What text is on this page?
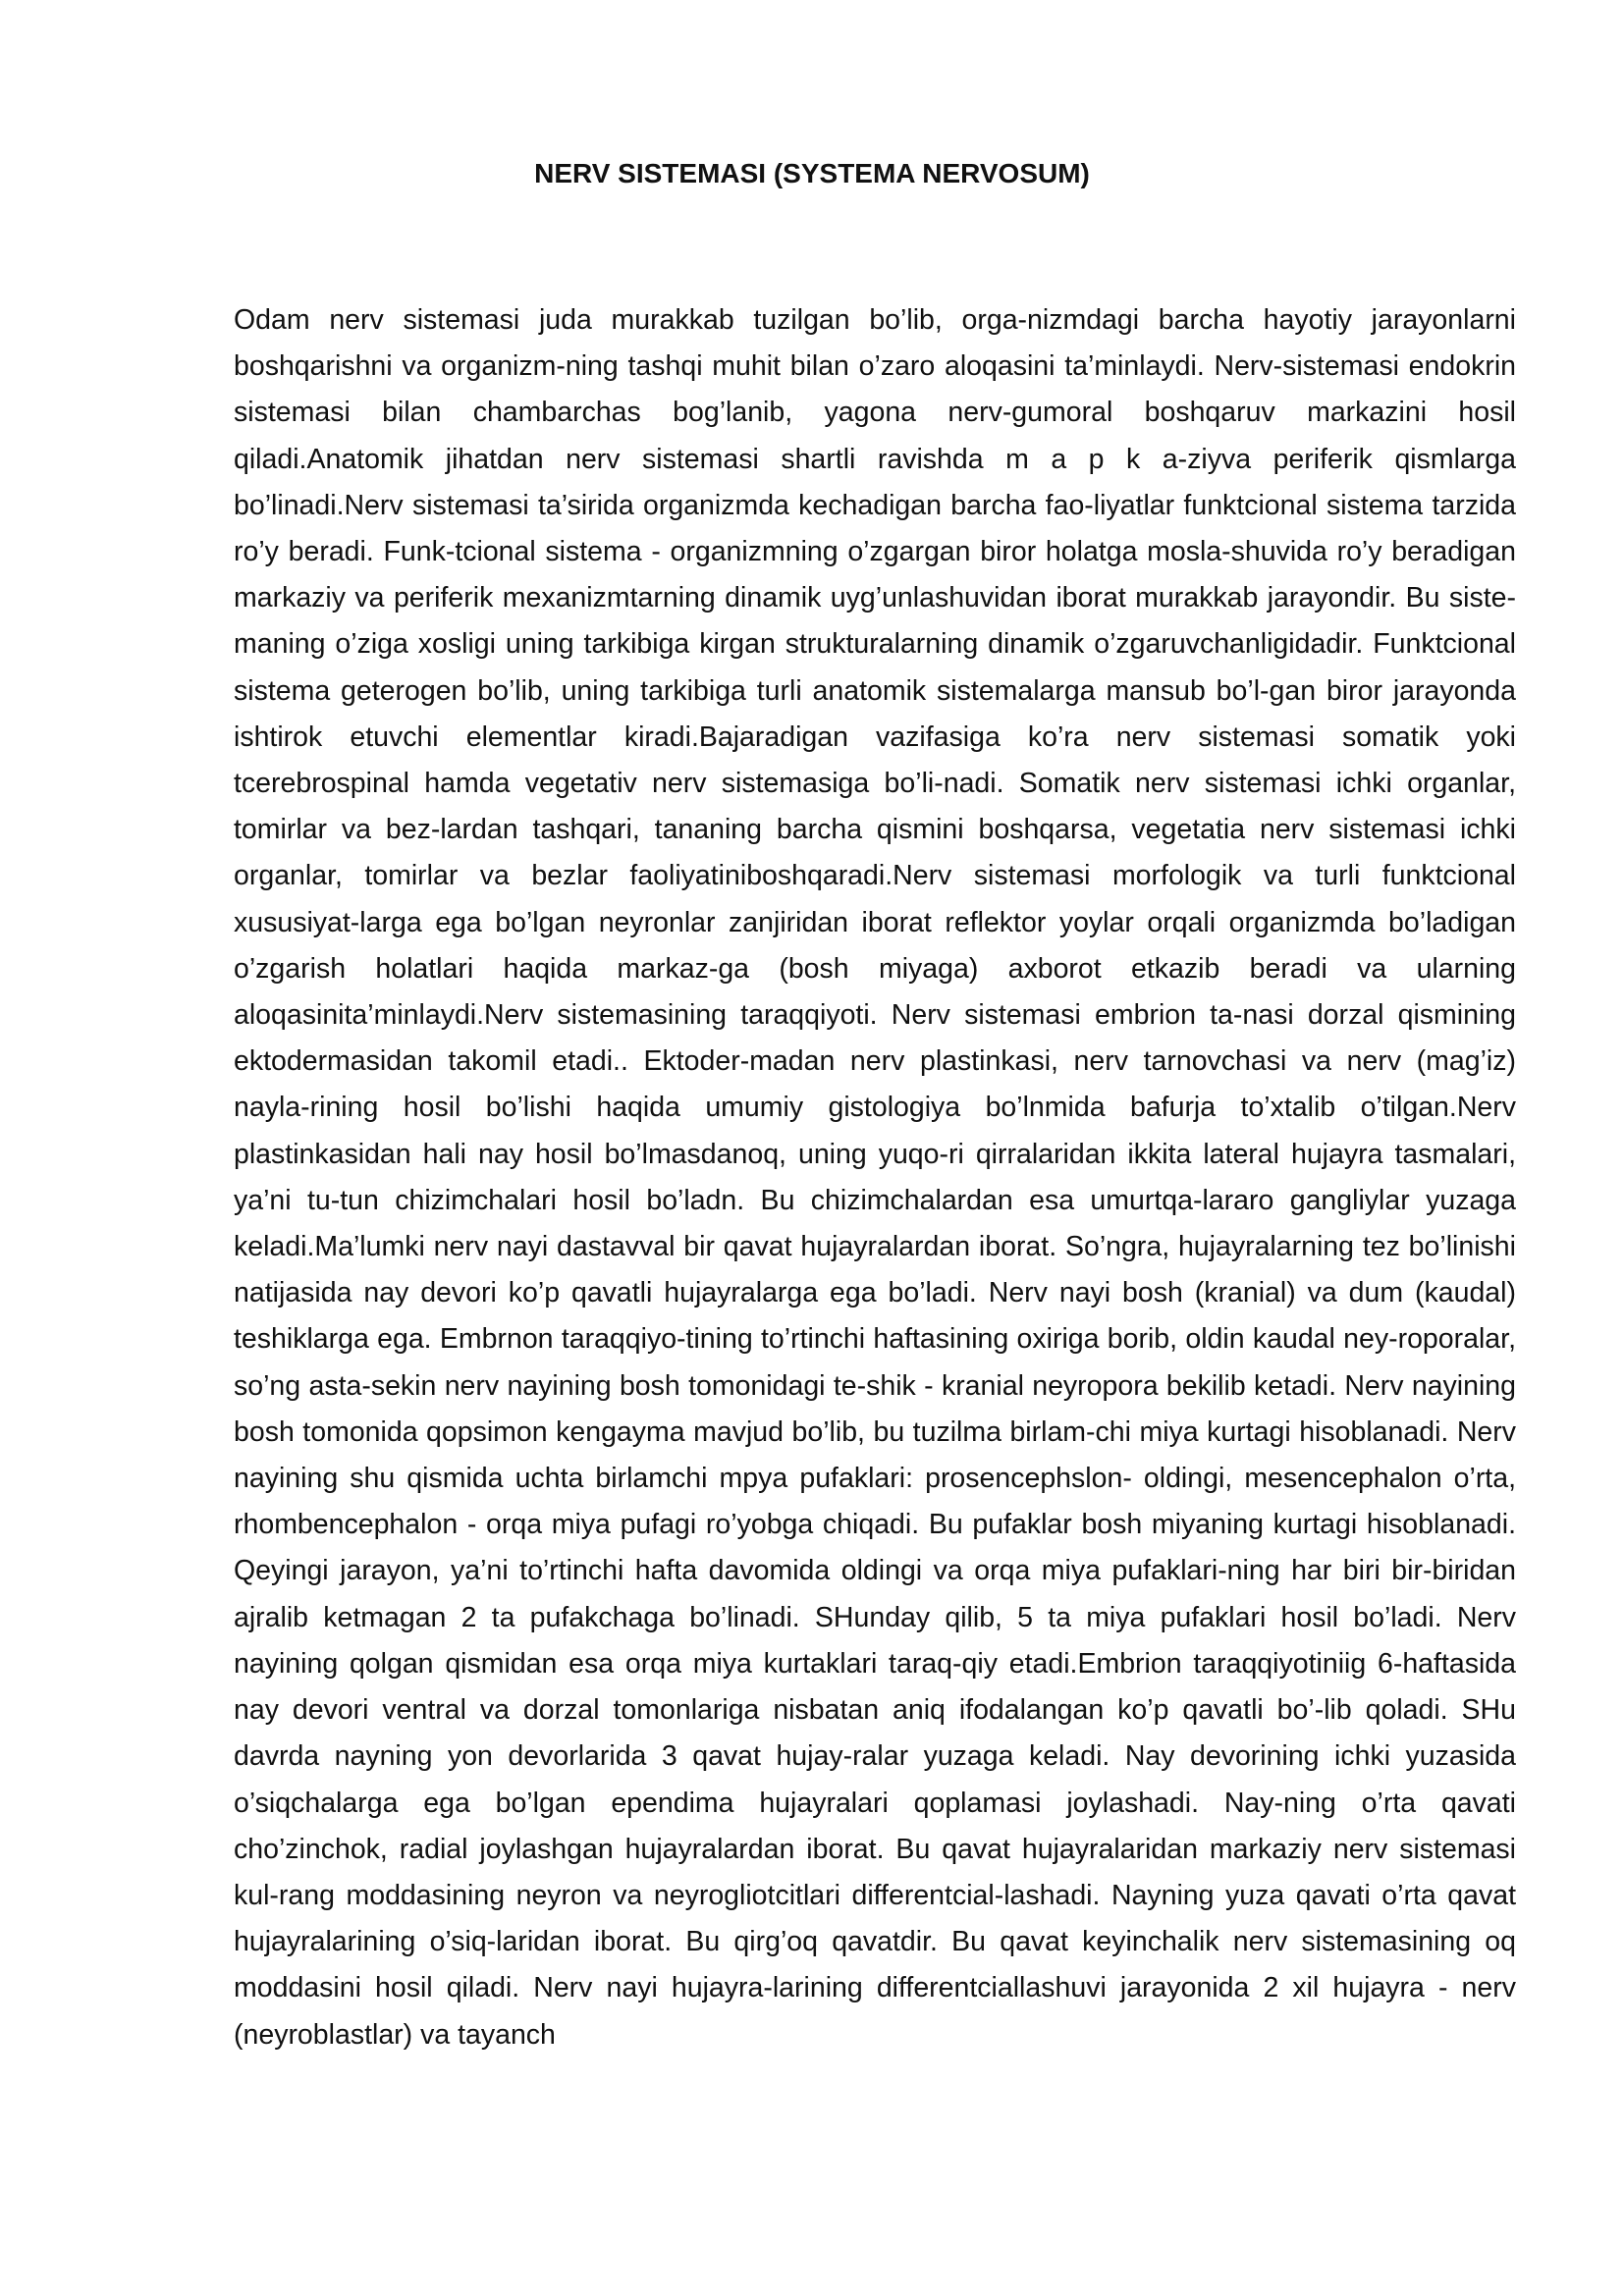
NERV SISTEMASI (SYSTEMA NERVOSUM)

Odam nerv sistemasi juda murakkab tuzilgan bo’lib, orga-nizmdagi barcha hayotiy jarayonlarni boshqarishni va organizm-ning tashqi muhit bilan o’zaro aloqasini ta’minlaydi. Nerv-sistemasi endokrin sistemasi bilan chambarchas bog’lanib, yagona nerv-gumoral boshqaruv markazini hosil qiladi.Anatomik jihatdan nerv sistemasi shartli ravishda m a p k a-ziyva periferik qismlarga bo’linadi.Nerv sistemasi ta’sirida organizmda kechadigan barcha fao-liyatlar funktcional sistema tarzida ro’y beradi. Funk-tcional sistema - organizmning o’zgargan biror holatga mosla-shuvida ro’y beradigan markaziy va periferik mexanizmtarning dinamik uyg’unlashuvidan iborat murakkab jarayondir. Bu siste-maning o’ziga xosligi uning tarkibiga kirgan strukturalarning dinamik o’zgaruvchanligidadir. Funktcional sistema geterogen bo’lib, uning tarkibiga turli anatomik sistemalarga mansub bo’l-gan biror jarayonda ishtirok etuvchi elementlar kiradi.Bajaradigan vazifasiga ko’ra nerv sistemasi somatik yoki tcerebrospinal hamda vegetativ nerv sistemasiga bo’li-nadi. Somatik nerv sistemasi ichki organlar, tomirlar va bez-lardan tashqari, tananing barcha qismini boshqarsa, vegetatia nerv sistemasi ichki organlar, tomirlar va bezlar faoliyatiniboshqaradi.Nerv sistemasi morfologik va turli funktcional xususiyat-larga ega bo’lgan neyronlar zanjiridan iborat reflektor yoylar orqali organizmda bo’ladigan o’zgarish holatlari haqida markaz-ga (bosh miyaga) axborot etkazib beradi va ularning aloqasinita’minlaydi.Nerv sistemasining taraqqiyoti. Nerv sistemasi embrion ta-nasi dorzal qismining ektodermasidan takomil etadi.. Ektoder-madan nerv plastinkasi, nerv tarnovchasi va nerv (mag’iz) nayla-rining hosil bo’lishi haqida umumiy gistologiya bo’lnmida bafurja to’xtalib o’tilgan.Nerv plastinkasidan hali nay hosil bo’lmasdanoq, uning yuqo-ri qirralaridan ikkita lateral hujayra tasmalari, ya’ni tu-tun chizimchalari hosil bo’ladn. Bu chizimchalardan esa umurtqa-lararo gangliylar yuzaga keladi.Ma’lumki nerv nayi dastavval bir qavat hujayralardan iborat. So’ngra, hujayralarning tez bo’linishi natijasida nay devori ko’p qavatli hujayralarga ega bo’ladi. Nerv nayi bosh (kranial) va dum (kaudal) teshiklarga ega. Embrnon taraqqiyo-tining to’rtinchi haftasining oxiriga borib, oldin kaudal ney-roporalar, so’ng asta-sekin nerv nayining bosh tomonidagi te-shik - kranial neyropora bekilib ketadi. Nerv nayining bosh tomonida qopsimon kengayma mavjud bo’lib, bu tuzilma birlam-chi miya kurtagi hisoblanadi. Nerv nayining shu qismida uchta birlamchi mpya pufaklari: prosencephslon- oldingi, mesencephalon o’rta, rhombencephalon - orqa miya pufagi ro’yobga chiqadi. Bu pufaklar bosh miyaning kurtagi hisoblanadi. Qeyingi jarayon, ya’ni to’rtinchi hafta davomida oldingi va orqa miya pufaklari-ning har biri bir-biridan ajralib ketmagan 2 ta pufakchaga bo’linadi. SHunday qilib, 5 ta miya pufaklari hosil bo’ladi. Nerv nayining qolgan qismidan esa orqa miya kurtaklari taraq-qiy etadi.Embrion taraqqiyotiniig 6-haftasida nay devori ventral va dorzal tomonlariga nisbatan aniq ifodalangan ko’p qavatli bo’-lib qoladi. SHu davrda nayning yon devorlarida 3 qavat hujay-ralar yuzaga keladi. Nay devorining ichki yuzasida o’siqchalarga ega bo’lgan ependima hujayralari qoplamasi joylashadi. Nay-ning o’rta qavati cho’zinchok, radial joylashgan hujayralardan iborat. Bu qavat hujayralaridan markaziy nerv sistemasi kul-rang moddasining neyron va neyrogliotcitlari differentcial-lashadi. Nayning yuza qavati o’rta qavat hujayralarining o’siq-laridan iborat. Bu qirg’oq qavatdir. Bu qavat keyinchalik nerv sistemasining oq moddasini hosil qiladi. Nerv nayi hujayra-larining differentciallashuvi jarayonida 2 xil hujayra - nerv (neyroblastlar) va tayanch
